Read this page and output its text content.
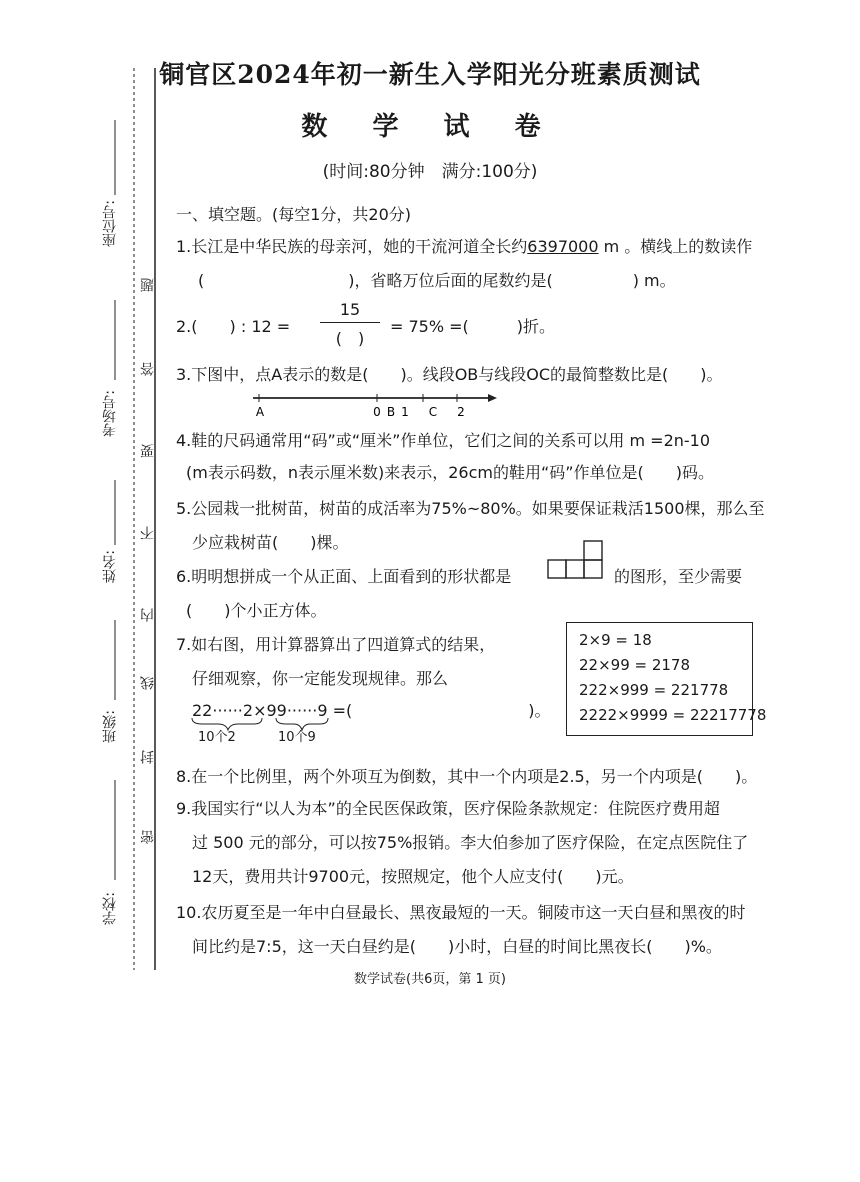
座位号:
考场号:
姓名:
班级:
学校:
题
答
要
不
内
线
封
密
铜官区2024年初一新生入学阳光分班素质测试
数 学 试 卷
(时间:80分钟　满分:100分)
一、填空题。(每空1分，共20分)
1.长江是中华民族的母亲河，她的干流河道全长约6397000 m 。横线上的数读作
(　　　　　　　　　)，省略万位后面的尾数约是(　　　　　) m。
2.(　　) : 12 =
15
(　)
= 75% =(　　　)折。
3.下图中，点A表示的数是(　　)。线段OB与线段OC的最简整数比是(　　)。
A	0 B 1 C 2
4.鞋的尺码通常用“码”或“厘米”作单位，它们之间的关系可以用 m =2n-10
(m表示码数，n表示厘米数)来表示，26cm的鞋用“码”作单位是(　　)码。
5.公园栽一批树苗，树苗的成活率为75%~80%。如果要保证栽活1500棵，那么至
少应栽树苗(　　)棵。
6.明明想拼成一个从正面、上面看到的形状都是	的图形，至少需要
(　　)个小正方体。
7.如右图，用计算器算出了四道算式的结果，
仔细观察，你一定能发现规律。那么
22······2×99······9 =(　　　　　　　　　　　)。
10个2	10个9
2×9 = 18
22×99 = 2178
222×999 = 221778
2222×9999 = 22217778
8.在一个比例里，两个外项互为倒数，其中一个内项是2.5，另一个内项是(　　)。
9.我国实行“以人为本”的全民医保政策，医疗保险条款规定：住院医疗费用超
过 500 元的部分，可以按75%报销。李大伯参加了医疗保险，在定点医院住了
12天，费用共计9700元，按照规定，他个人应支付(　　)元。
10.农历夏至是一年中白昼最长、黑夜最短的一天。铜陵市这一天白昼和黑夜的时
间比约是7:5，这一天白昼约是(　　)小时，白昼的时间比黑夜长(　　)%。
数学试卷(共6页，第 1 页)
